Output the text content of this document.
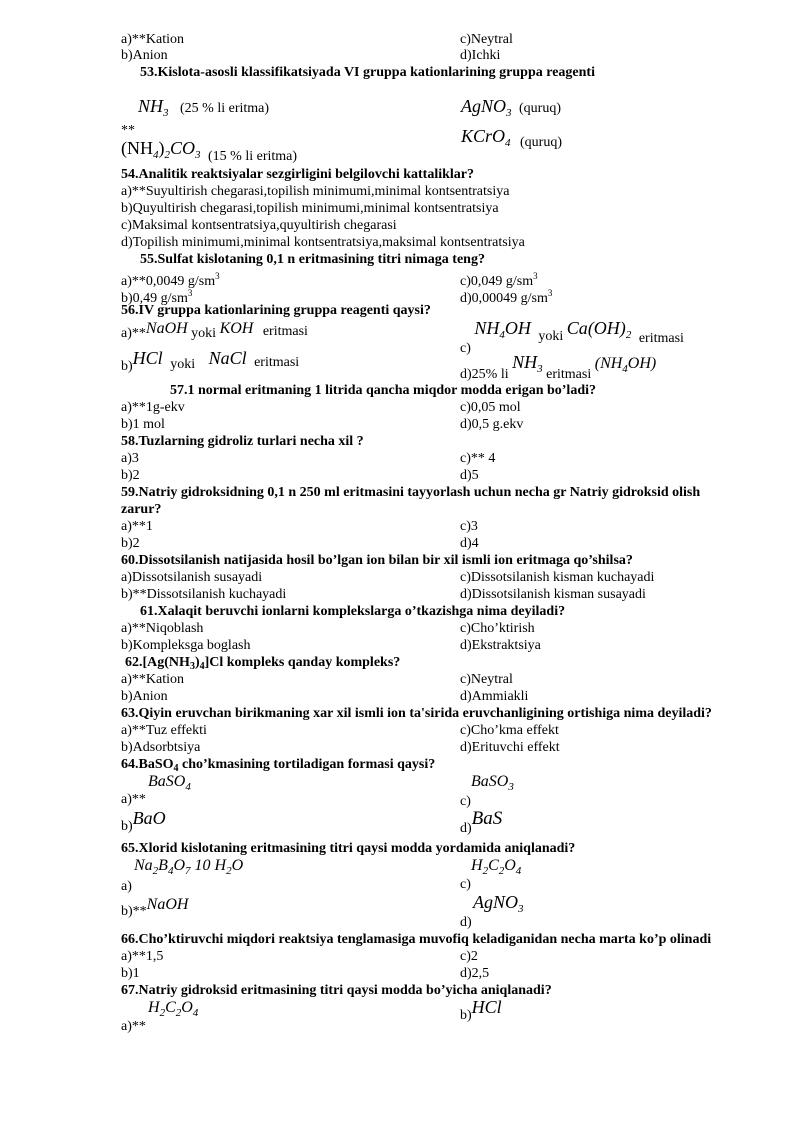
a)**Kation
b)Anion
c)Neytral
d)Ichki
53.Kislota-asosli klassifikatsiyada VI gruppa kationlarining gruppa reagenti
$NH_3$ (25 % li eritma)
**
$(NH_4)_2CO_3$ (15 % li eritma)
AgNO$_3$ (quruq)
KCrO$_4$ (quruq)
54.Analitik reaktsiyalar sezgirligini belgilovchi kattaliklar?
a)**Suyultirish chegarasi,topilish minimumi,minimal kontsentratsiya
b)Quyultirish chegarasi,topilish minimumi,minimal kontsentratsiya
c)Maksimal kontsentratsiya,quyultirish chegarasi
d)Topilish minimumi,minimal kontsentratsiya,maksimal kontsentratsiya
55.Sulfat kislotaning 0,1 n eritmasining titri nimaga teng?
a)**0,0049 $g/sm^3$
b)0,49 $g/sm^3$
c)0,049 $g/sm^3$
d)0,00049 $g/sm^3$
56.IV gruppa kationlarining gruppa reagenti qaysi?
a)**NaOH yoki KOH eritmasi
b)HCl yoki NaCl eritmasi
c) $NH_4OH$ yoki $Ca(OH)_2$ eritmasi
d)25% li $NH_3$ eritmasi $(NH_4OH)$
57.1 normal eritmaning 1 litrida qancha miqdor modda erigan bo’ladi?
a)**1g-ekv
b)1 mol
c)0,05 mol
d)0,5 g.ekv
58.Tuzlarning gidroliz turlari necha xil ?
a)3
b)2
c)** 4
d)5
59.Natriy gidroksidning 0,1 n 250 ml eritmasini tayyorlash uchun necha gr Natriy gidroksid olish
zarur?
a)**1
b)2
c)3
d)4
60.Dissotsilanish natijasida hosil bo’lgan ion bilan bir xil ismli ion eritmaga qo’shilsa?
a)Dissotsilanish susayadi
b)**Dissotsilanish kuchayadi
c)Dissotsilanish kisman kuchayadi
d)Dissotsilanish kisman susayadi
61.Xalaqit beruvchi ionlarni komplekslarga o’tkazishga nima deyiladi?
a)**Niqoblash
b)Kompleksga boglash
c)Cho’ktirish
d)Ekstraktsiya
$62.[Ag(NH_3)_4]Cl$ kompleks qanday kompleks?
a)**Kation
b)Anion
c)Neytral
d)Ammiakli
63.Qiyin eruvchan birikmaning xar xil ismli ion ta'sirida eruvchanligining ortishiga nima deyiladi?
a)**Tuz effekti
b)Adsorbtsiya
c)Cho’kma effekt
d)Erituvchi effekt
64.BaSO$_4$ cho’kmasining tortiladigan formasi qaysi?
BaSO$_4$
a)**
b)BaO
BaSO$_3$
c)
d)BaS
65.Xlorid kislotaning eritmasining titri qaysi modda yordamida aniqlanadi?
$Na_2B_4O_7$ 10 $H_2O$
a)
b)**NaOH
$H_2C_2O_4$
c)
AgNO$_3$
d)
66.Cho’ktiruvchi miqdori reaktsiya tenglamasiga muvofiq keladiganidan necha marta ko’p olinadi
a)**1,5
b)1
c)2
d)2,5
67.Natriy gidroksid eritmasining titri qaysi modda bo’yicha aniqlanadi?
$H_2C_2O_4$
a)**
b)HCl
